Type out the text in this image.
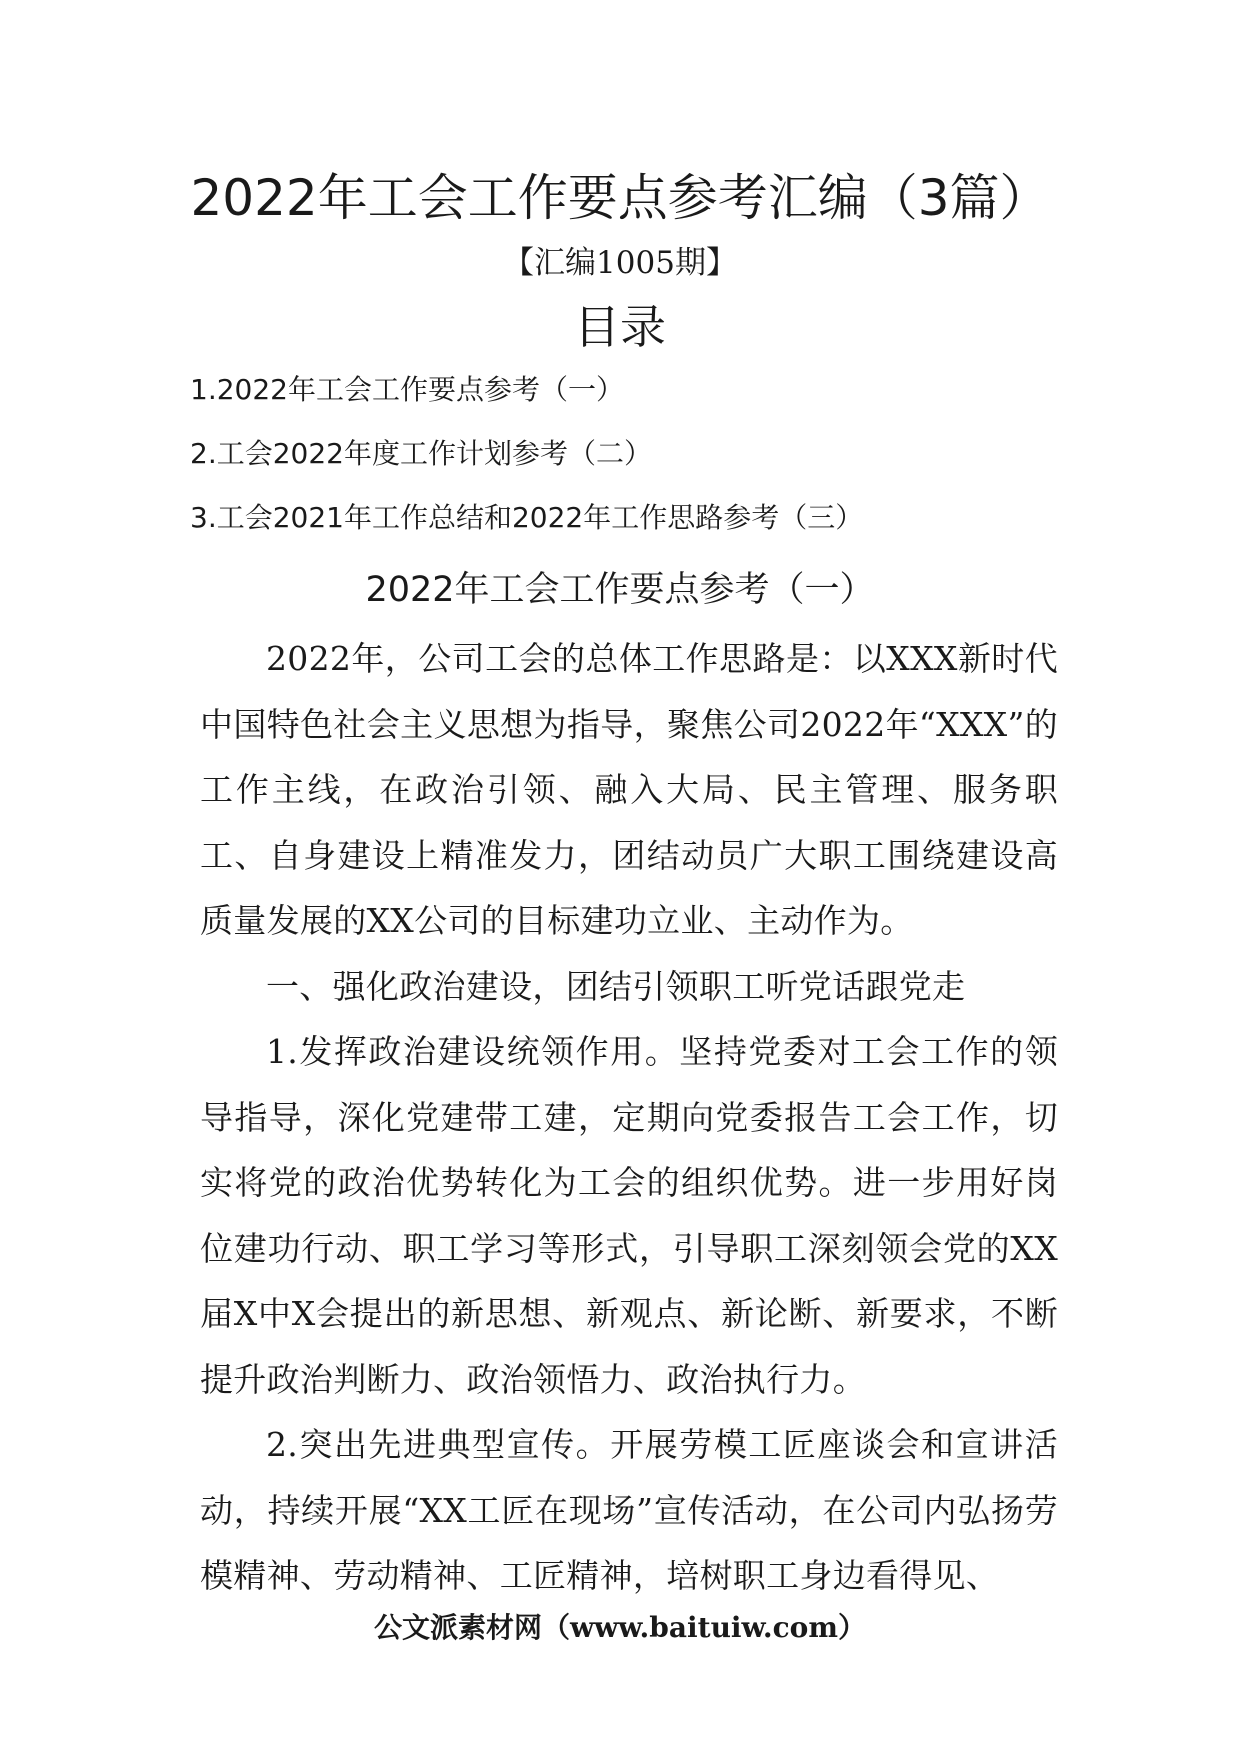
2022年工会工作要点参考汇编（3篇）
【汇编1005期】
目录
1.2022年工会工作要点参考（一）
2.工会2022年度工作计划参考（二）
3.工会2021年工作总结和2022年工作思路参考（三）
2022年工会工作要点参考（一）

2022年，公司工会的总体工作思路是：以XXX新时代中国特色社会主义思想为指导，聚焦公司2022年“XXX”的工作主线，在政治引领、融入大局、民主管理、服务职工、自身建设上精准发力，团结动员广大职工围绕建设高质量发展的XX公司的目标建功立业、主动作为。

一、强化政治建设，团结引领职工听党话跟党走

1.发挥政治建设统领作用。坚持党委对工会工作的领导指导，深化党建带工建，定期向党委报告工会工作，切实将党的政治优势转化为工会的组织优势。进一步用好岗位建功行动、职工学习等形式，引导职工深刻领会党的XX届X中X会提出的新思想、新观点、新论断、新要求，不断提升政治判断力、政治领悟力、政治执行力。

2.突出先进典型宣传。开展劳模工匠座谈会和宣讲活动，持续开展“XX工匠在现场”宣传活动，在公司内弘扬劳模精神、劳动精神、工匠精神，培树职工身边看得见、

公文派素材网（www.baituiw.com）
